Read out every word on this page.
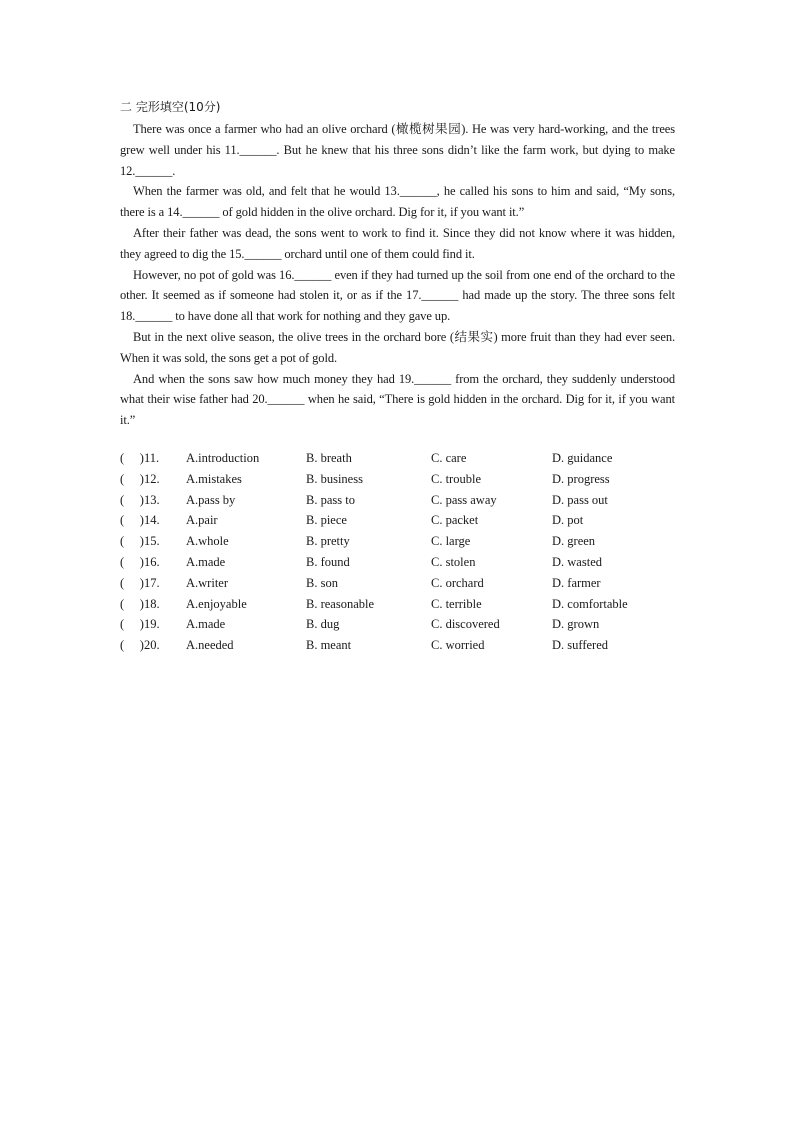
二 完形填空(10分)

There was once a farmer who had an olive orchard (橄榄树果园). He was very hard-working, and the trees grew well under his 11.______. But he knew that his three sons didn’t like the farm work, but dying to make 12.______.

When the farmer was old, and felt that he would 13.______, he called his sons to him and said, “My sons, there is a 14.______ of gold hidden in the olive orchard. Dig for it, if you want it.”

After their father was dead, the sons went to work to find it. Since they did not know where it was hidden, they agreed to dig the 15.______ orchard until one of them could find it.

However, no pot of gold was 16.______ even if they had turned up the soil from one end of the orchard to the other. It seemed as if someone had stolen it, or as if the 17.______ had made up the story. The three sons felt 18.______ to have done all that work for nothing and they gave up.

But in the next olive season, the olive trees in the orchard bore (结果实) more fruit than they had ever seen. When it was sold, the sons get a pot of gold.

And when the sons saw how much money they had 19.______ from the orchard, they suddenly understood what their wise father had 20.______ when he said, “There is gold hidden in the orchard. Dig for it, if you want it.”

(　 )11.	A.introduction	B. breath	C. care	D. guidance
(　 )12.	A.mistakes	B. business	C. trouble	D. progress
(　 )13.	A.pass by	B. pass to	C. pass away	D. pass out
(　 )14.	A.pair	B. piece	C. packet	D. pot
(　 )15.	A.whole	B. pretty	C. large	D. green
(　 )16.	A.made	B. found	C. stolen	D. wasted
(　 )17.	A.writer	B. son	C. orchard	D. farmer
(　 )18.	A.enjoyable	B. reasonable	C. terrible	D. comfortable
(　 )19.	A.made	B. dug	C. discovered	D. grown
(　 )20.	A.needed	B. meant	C. worried	D. suffered
